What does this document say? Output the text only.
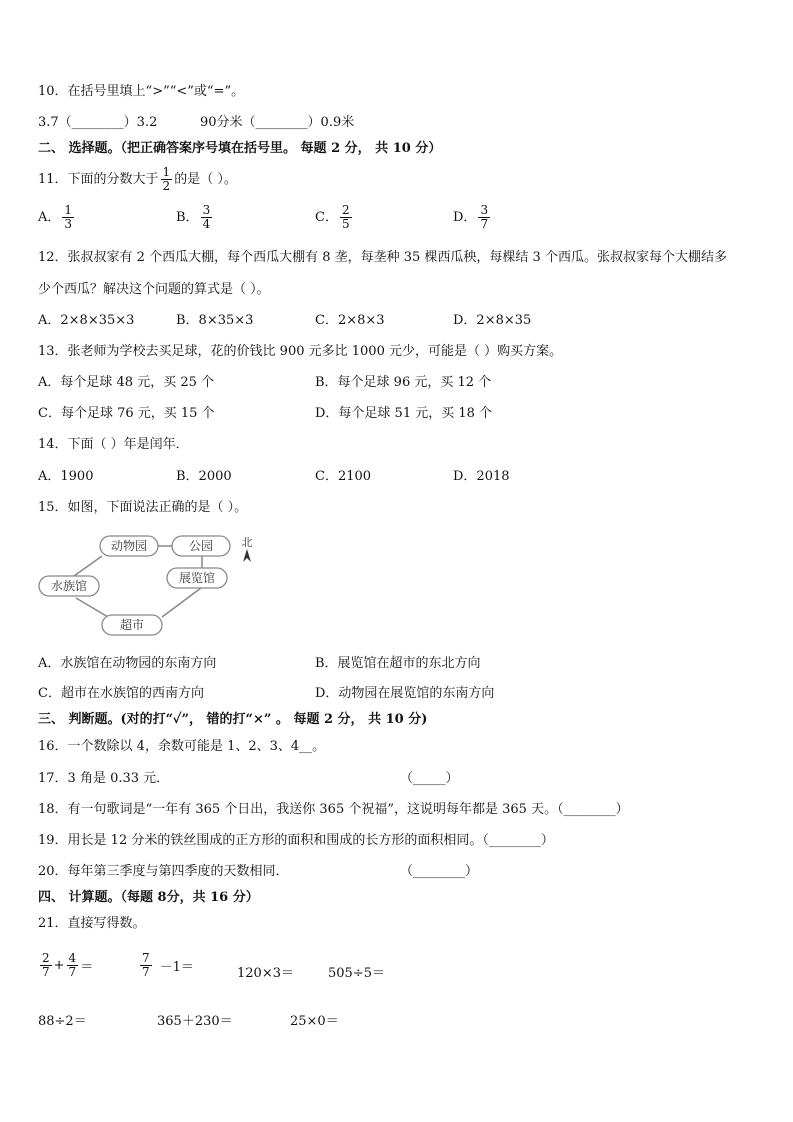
10．在括号里填上“>”“<”或“=”。
3.7（________）3.2	90分米（________）0.9米
二、 选择题。（把正确答案序号填在括号里。 每题 2 分， 共 10 分）
11．下面的分数大于 $\frac{1}{2}$ 的是（ ）。
A． $\frac{1}{3}$	B． $\frac{3}{4}$	C． $\frac{2}{5}$	D． $\frac{3}{7}$
12．张叔叔家有 2 个西瓜大棚，每个西瓜大棚有 8 垄，每垄种 35 棵西瓜秧，每棵结 3 个西瓜。张叔叔家每个大棚结多
少个西瓜？解决这个问题的算式是（ ）。
A．2×8×35×3	B．8×35×3	C．2×8×3	D．2×8×35
13．张老师为学校去买足球，花的价钱比 900 元多比 1000 元少，可能是（ ）购买方案。
A．每个足球 48 元，买 25 个	B．每个足球 96 元，买 12 个
C．每个足球 76 元，买 15 个	D．每个足球 51 元，买 18 个
14．下面（ ）年是闰年．
A．1900	B．2000	C．2100	D．2018
15．如图，下面说法正确的是（ ）。
动物园	公园
展览馆
水族馆
超市
北
A．水族馆在动物园的东南方向	B．展览馆在超市的东北方向
C．超市在水族馆的西南方向	D．动物园在展览馆的东南方向
三、 判断题。(对的打“✓”， 错的打“×” 。 每题 2 分， 共 10 分)
16．一个数除以 4，余数可能是 1、2、3、4__。
17．3 角是 0.33 元．	（_____）
18．有一句歌词是“一年有 365 个日出，我送你 365 个祝福”，这说明每年都是 365 天。（________）
19．用长是 12 分米的铁丝围成的正方形的面积和围成的长方形的面积相同。（________）
20．每年第三季度与第四季度的天数相同．	（________）
四、 计算题。（每题 8分，共 16 分）
21．直接写得数。
$\frac{2}{7} + \frac{4}{7}$ ＝	$\frac{7}{7} -1=$	120×3＝	505÷5＝
88÷2＝	365＋230＝	25×0＝
